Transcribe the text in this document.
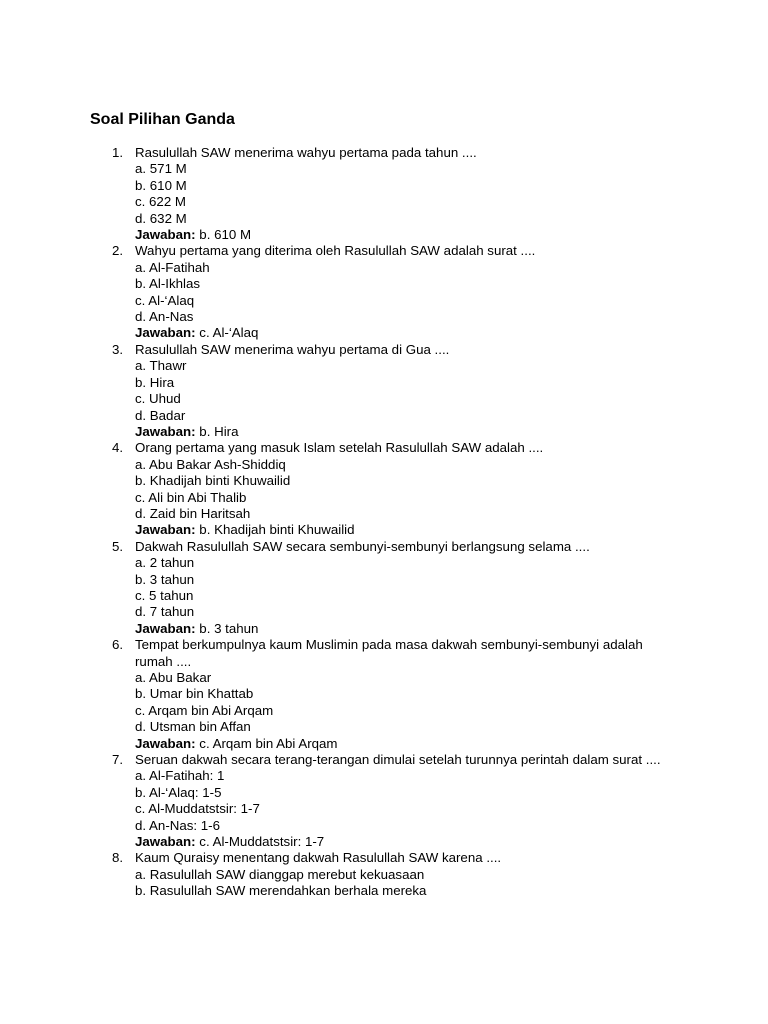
Soal Pilihan Ganda
1. Rasulullah SAW menerima wahyu pertama pada tahun ....
a. 571 M
b. 610 M
c. 622 M
d. 632 M
Jawaban: b. 610 M
2. Wahyu pertama yang diterima oleh Rasulullah SAW adalah surat ....
a. Al-Fatihah
b. Al-Ikhlas
c. Al-‘Alaq
d. An-Nas
Jawaban: c. Al-‘Alaq
3. Rasulullah SAW menerima wahyu pertama di Gua ....
a. Thawr
b. Hira
c. Uhud
d. Badar
Jawaban: b. Hira
4. Orang pertama yang masuk Islam setelah Rasulullah SAW adalah ....
a. Abu Bakar Ash-Shiddiq
b. Khadijah binti Khuwailid
c. Ali bin Abi Thalib
d. Zaid bin Haritsah
Jawaban: b. Khadijah binti Khuwailid
5. Dakwah Rasulullah SAW secara sembunyi-sembunyi berlangsung selama ....
a. 2 tahun
b. 3 tahun
c. 5 tahun
d. 7 tahun
Jawaban: b. 3 tahun
6. Tempat berkumpulnya kaum Muslimin pada masa dakwah sembunyi-sembunyi adalah rumah ....
a. Abu Bakar
b. Umar bin Khattab
c. Arqam bin Abi Arqam
d. Utsman bin Affan
Jawaban: c. Arqam bin Abi Arqam
7. Seruan dakwah secara terang-terangan dimulai setelah turunnya perintah dalam surat ....
a. Al-Fatihah: 1
b. Al-‘Alaq: 1-5
c. Al-Muddatstsir: 1-7
d. An-Nas: 1-6
Jawaban: c. Al-Muddatstsir: 1-7
8. Kaum Quraisy menentang dakwah Rasulullah SAW karena ....
a. Rasulullah SAW dianggap merebut kekuasaan
b. Rasulullah SAW merendahkan berhala mereka
